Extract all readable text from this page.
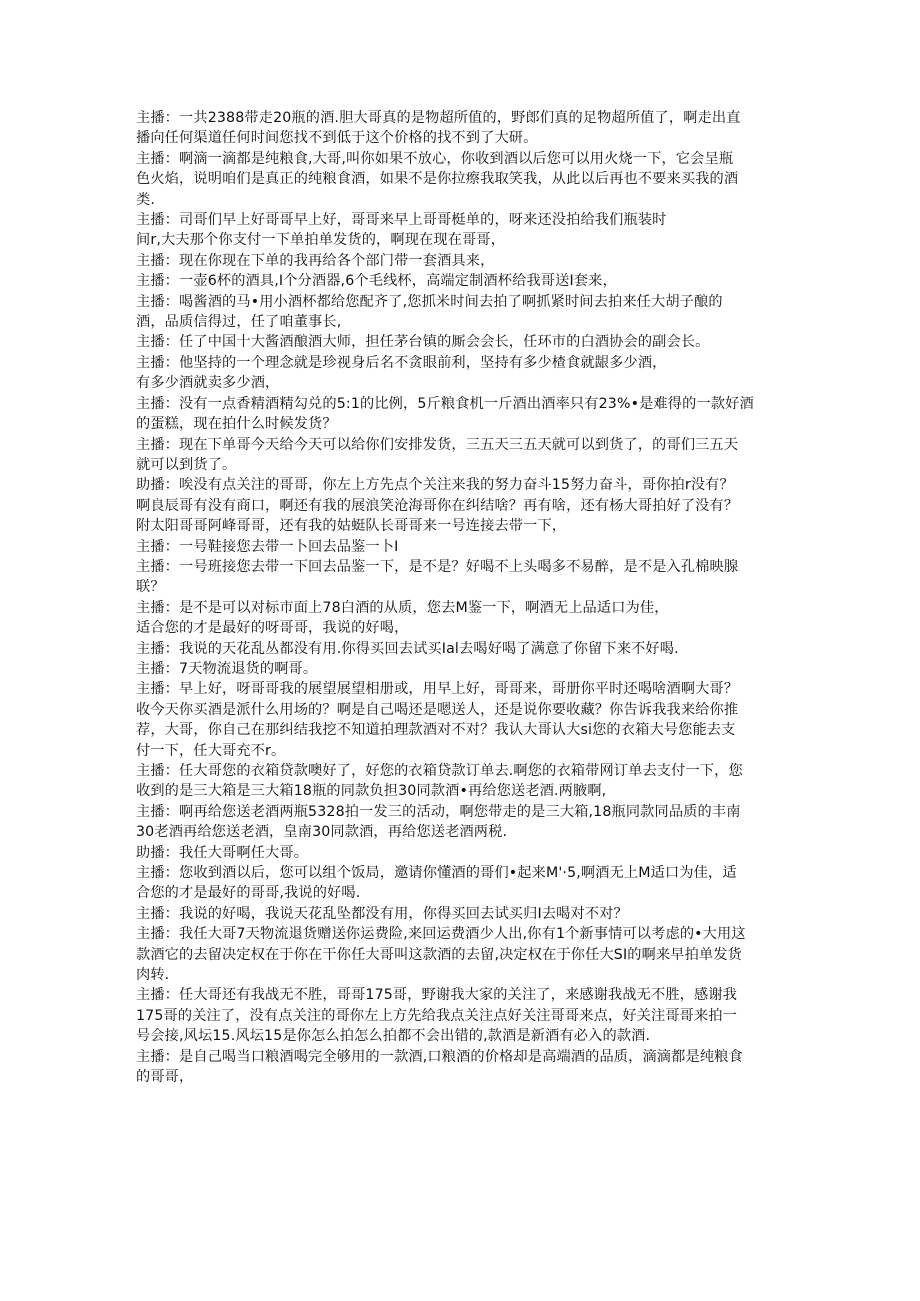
主播：一共2388带走20瓶的酒.胆大哥真的是物超所值的，野郎们真的足物超所值了，啊走出直
播向任何渠道任何时间您找不到低于这个价格的找不到了大研。

主播：啊滴一滴都是纯粮食,大哥,叫你如果不放心，你收到酒以后您可以用火烧一下，它会呈瓶
色火焰，说明咱们是真正的纯粮食酒，如果不是你拉瘵我取笑我，从此以后再也不要来买我的酒
类.

主播：司哥们早上好哥哥早上好，哥哥来早上哥哥梃单的，呀来还没拍给我们瓶装时
间r,大夫那个你支付一下单拍单发货的，啊现在现在哥哥，

主播：现在你现在下单的我再给各个部门带一套酒具来，

主播：一壶6杯的酒具,I个分酒器,6个毛线杯，高端定制酒杯给我哥送I套来，

主播：喝酱酒的马•用小酒杯都给您配齐了,您抓米时间去拍了啊抓紧时间去拍来任大胡子酿的
酒，品质信得过，任了咱董事长,

主播：任了中国十大酱酒酿酒大师，担任茅台镇的厮会会长，任环市的白酒协会的副会长。

主播：他坚持的一个理念就是珍视身后名不贪眼前利，坚持有多少楂食就龈多少酒，
有多少酒就卖多少酒，

主播：没有一点香精酒精勾兑的5:1的比例，5斤粮食机一斤酒出酒率只有23%•是难得的一款好酒
的蛋糕，现在拍什么时候发货？

主播：现在下单哥今天给今天可以给你们安排发货，三五天三五天就可以到货了，的哥们三五天
就可以到货了。

助播：唉没有点关注的哥哥，你左上方先点个关注来我的努力奋斗15努力奋斗，哥你拍r没有？
啊良辰哥有没有商口，啊还有我的展浪笑沧海哥你在纠结啥？再有啥，还有杨大哥拍好了没有？
附太阳哥哥阿峰哥哥，还有我的姑蜓队长哥哥来一号连接去带一下，

主播：一号鞋接您去带一卜回去品鉴一卜I

主播：一号班接您去带一下回去品鉴一下，是不是？好喝不上头喝多不易醉，是不是入孔棉映腺
联？

主播：是不是可以对标市面上78白酒的从质，您去M鉴一下，啊酒无上品适口为佳，
适合您的才是最好的呀哥哥，我说的好喝，

主播：我说的天花乱丛都没有用.你得买回去试买Ial去喝好喝了满意了你留下来不好喝.

主播：7天物流退货的啊哥。

主播：早上好，呀哥哥我的展望展望相册或，用早上好，哥哥来，哥册你平时还喝啥酒啊大哥？
收今天你买酒是派什么用场的？啊是自己喝还是嗯送人，还是说你要收藏？你告诉我我来给你推
荐，大哥，你自己在那纠结我挖不知道拍理款酒对不对？我认大哥认大si您的衣箱大号您能去支
付一下，任大哥充不r。

主播：任大哥您的衣箱贷款噢好了，好您的衣箱贷款订单去.啊您的衣箱带网订单去支付一下，您
收到的是三大箱是三大箱18瓶的同款负担30同款酒•再给您送老酒.两腋啊,

主播：啊再给您送老酒两瓶5328拍一发三的活动，啊您带走的是三大箱,18瓶同款同品质的丰南
30老酒再给您送老酒，皇南30同款酒，再给您送老酒两税.

助播：我任大哥啊任大哥。

主播：您收到酒以后，您可以组个饭局，邀请你懂酒的哥们•起来M'·5,啊酒无上M适口为佳，适
合您的才是最好的哥哥,我说的好喝.

主播：我说的好喝，我说天花乱坠都没有用，你得买回去试买归I去喝对不对？

主播：我任大哥7天物流退货赠送你运费险,来回运费酒少人出,你有1个新事情可以考虑的•大用这
款酒它的去留决定权在于你在干你任大哥叫这款酒的去留,决定权在于你任大SI的啊来早拍单发货
肉转.

主播：任大哥还有我战无不胜，哥哥175哥，野谢我大家的关注了，来感谢我战无不胜，感谢我
175哥的关注了，没有点关注的哥你左上方先给我点关注点好关注哥哥来点，好关注哥哥来拍一
号会接,风坛15.风坛15是你怎么拍怎么拍都不会出错的,款酒是新酒有必入的款酒.

主播：是自己喝当口粮酒喝完全够用的一款酒,口粮酒的价格却是高端酒的品质，滴滴都是纯粮食
的哥哥，
